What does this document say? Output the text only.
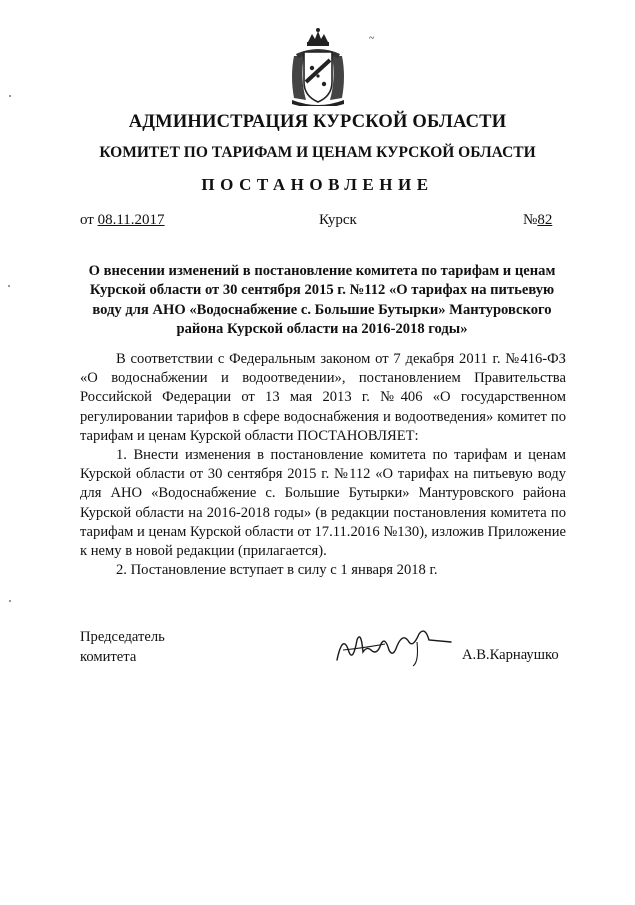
~
АДМИНИСТРАЦИЯ КУРСКОЙ ОБЛАСТИ
КОМИТЕТ ПО ТАРИФАМ И ЦЕНАМ КУРСКОЙ ОБЛАСТИ
ПОСТАНОВЛЕНИЕ
от 08.11.2017	Курск	№82
О внесении изменений в постановление комитета по тарифам и ценам Курской области от 30 сентября 2015 г. №112 «О тарифах на питьевую воду для АНО «Водоснабжение с. Большие Бутырки» Мантуровского района Курской области на 2016-2018 годы»

В соответствии с Федеральным законом от 7 декабря 2011 г. №416-ФЗ «О водоснабжении и водоотведении», постановлением Правительства Российской Федерации от 13 мая 2013 г. №406 «О государственном регулировании тарифов в сфере водоснабжения и водоотведения» комитет по тарифам и ценам Курской области ПОСТАНОВЛЯЕТ:

1. Внести изменения в постановление комитета по тарифам и ценам Курской области от 30 сентября 2015 г. №112 «О тарифах на питьевую воду для АНО «Водоснабжение с. Большие Бутырки» Мантуровского района Курской области на 2016-2018 годы» (в редакции постановления комитета по тарифам и ценам Курской области от 17.11.2016 №130), изложив Приложение к нему в новой редакции (прилагается).

2. Постановление вступает в силу с 1 января 2018 г.

Председатель
комитета	А.В.Карнаушко
